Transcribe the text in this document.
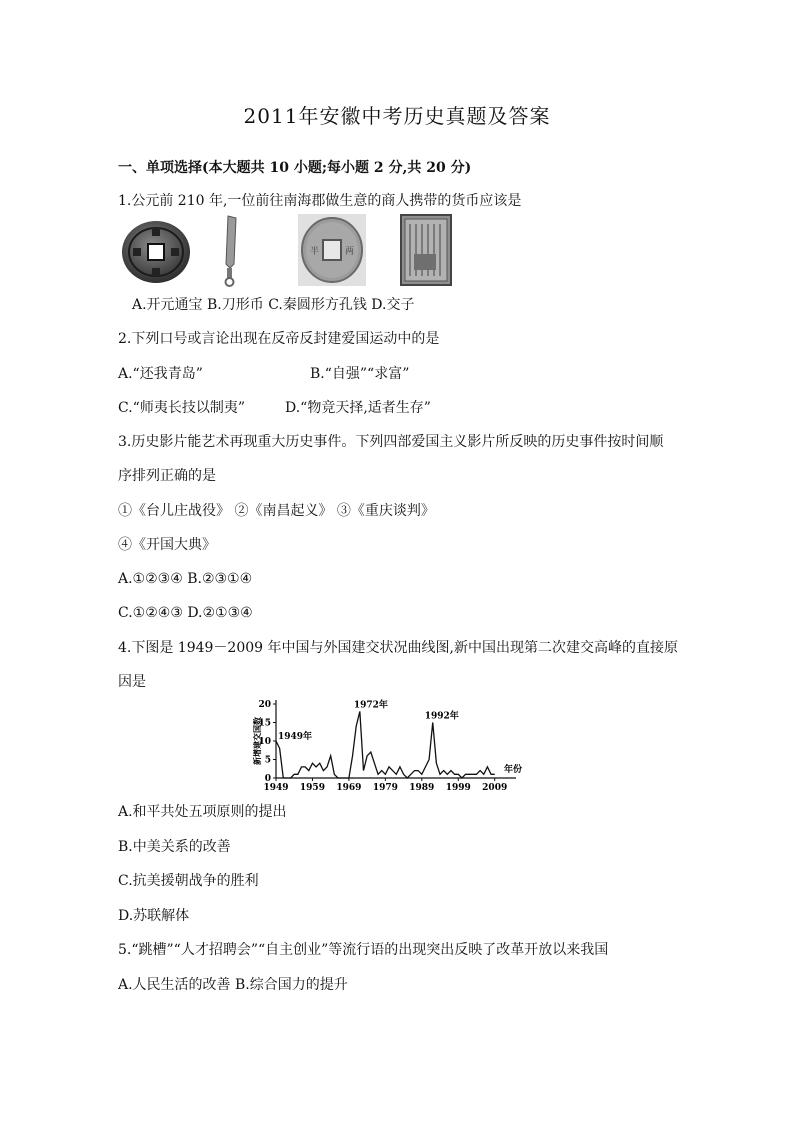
2011年安徽中考历史真题及答案
一、单项选择(本大题共 10 小题;每小题 2 分,共 20 分)
1.公元前 210 年,一位前往南海郡做生意的商人携带的货币应该是
半	两
A.开元通宝 B.刀形币 C.秦圆形方孔钱 D.交子
2.下列口号或言论出现在反帝反封建爱国运动中的是
A.“还我青岛”	B.“自强”“求富”
C.“师夷长技以制夷”	D.“物竞天择,适者生存”
3.历史影片能艺术再现重大历史事件。下列四部爱国主义影片所反映的历史事件按时间顺
序排列正确的是
①《台儿庄战役》 ②《南昌起义》 ③《重庆谈判》
④《开国大典》
A.①②③④ B.②③①④
C.①②④③ D.②①③④
4.下图是 1949－2009 年中国与外国建交状况曲线图,新中国出现第二次建交高峰的直接原
因是
0
5
10
15
20
1949 1959 1969 1979 1989 1999 2009
新增建交国数
年份
1949年
1972年
1992年
A.和平共处五项原则的提出
B.中美关系的改善
C.抗美援朝战争的胜利
D.苏联解体
5.“跳槽”“人才招聘会”“自主创业”等流行语的出现突出反映了改革开放以来我国
A.人民生活的改善 B.综合国力的提升
